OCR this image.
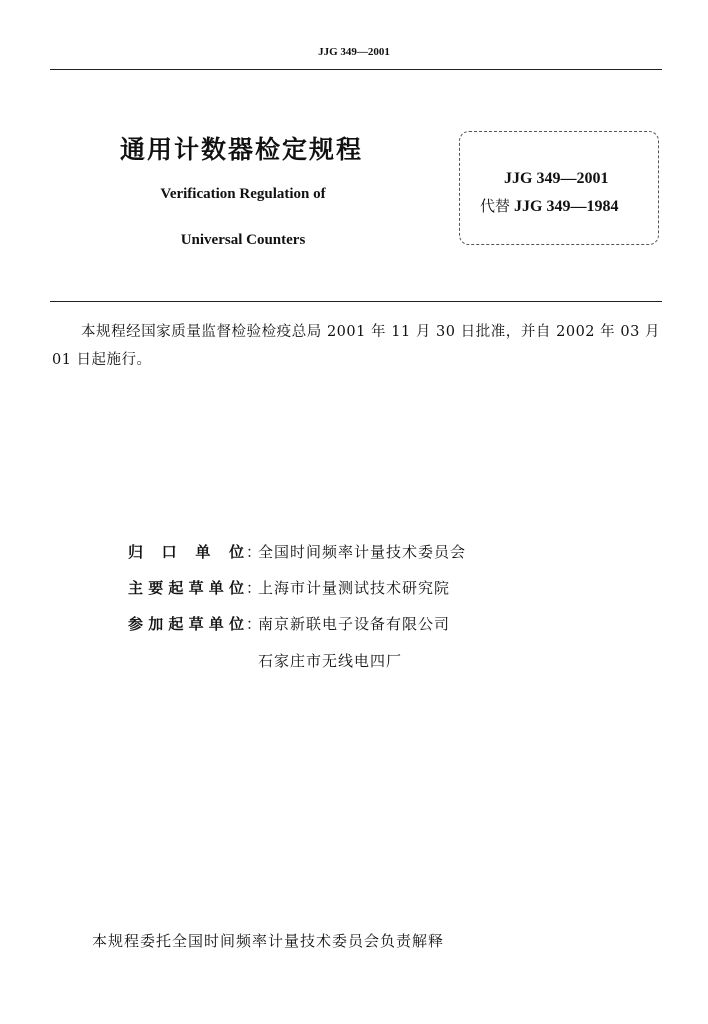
JJG 349—2001
通用计数器检定规程
Verification Regulation of
Universal Counters
JJG 349—2001
代替 JJG 349—1984
本规程经国家质量监督检验检疫总局 2001 年 11 月 30 日批准，并自 2002 年 03 月 01 日起施行。
归口单位 ：
全国时间频率计量技术委员会
主要起草单位 ：
上海市计量测试技术研究院
参加起草单位 ：
南京新联电子设备有限公司
石家庄市无线电四厂
本规程委托全国时间频率计量技术委员会负责解释
